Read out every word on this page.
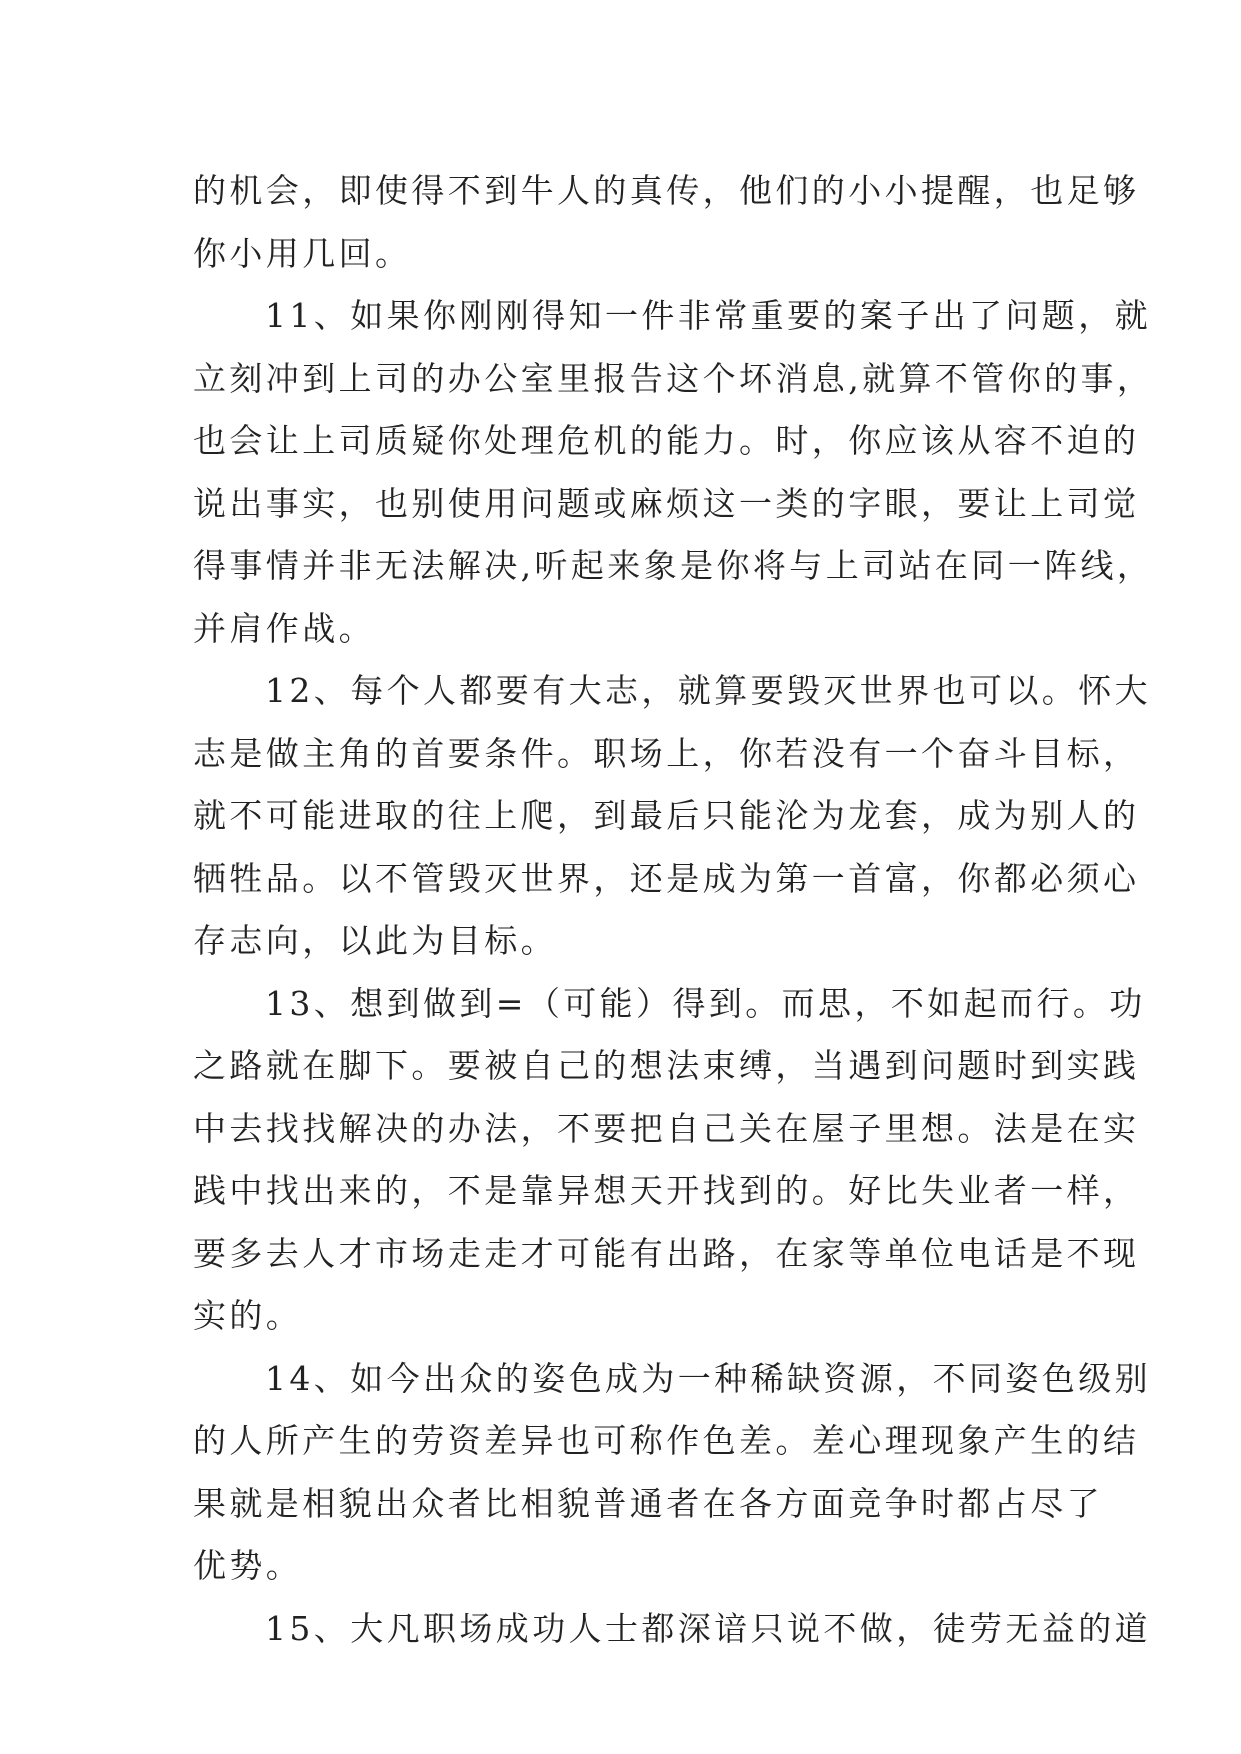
的机会，即使得不到牛人的真传，他们的小小提醒，也足够
你小用几回。
11、如果你刚刚得知一件非常重要的案子出了问题，就
立刻冲到上司的办公室里报告这个坏消息,就算不管你的事，
也会让上司质疑你处理危机的能力。时，你应该从容不迫的
说出事实，也别使用问题或麻烦这一类的字眼，要让上司觉
得事情并非无法解决,听起来象是你将与上司站在同一阵线，
并肩作战。
12、每个人都要有大志，就算要毁灭世界也可以。怀大
志是做主角的首要条件。职场上，你若没有一个奋斗目标，
就不可能进取的往上爬，到最后只能沦为龙套，成为别人的
牺牲品。以不管毁灭世界，还是成为第一首富，你都必须心
存志向，以此为目标。
13、想到做到=（可能）得到。而思，不如起而行。功
之路就在脚下。要被自己的想法束缚，当遇到问题时到实践
中去找找解决的办法，不要把自己关在屋子里想。法是在实
践中找出来的，不是靠异想天开找到的。好比失业者一样，
要多去人才市场走走才可能有出路，在家等单位电话是不现
实的。
14、如今出众的姿色成为一种稀缺资源，不同姿色级别
的人所产生的劳资差异也可称作色差。差心理现象产生的结
果就是相貌出众者比相貌普通者在各方面竞争时都占尽了
优势。
15、大凡职场成功人士都深谙只说不做，徒劳无益的道
